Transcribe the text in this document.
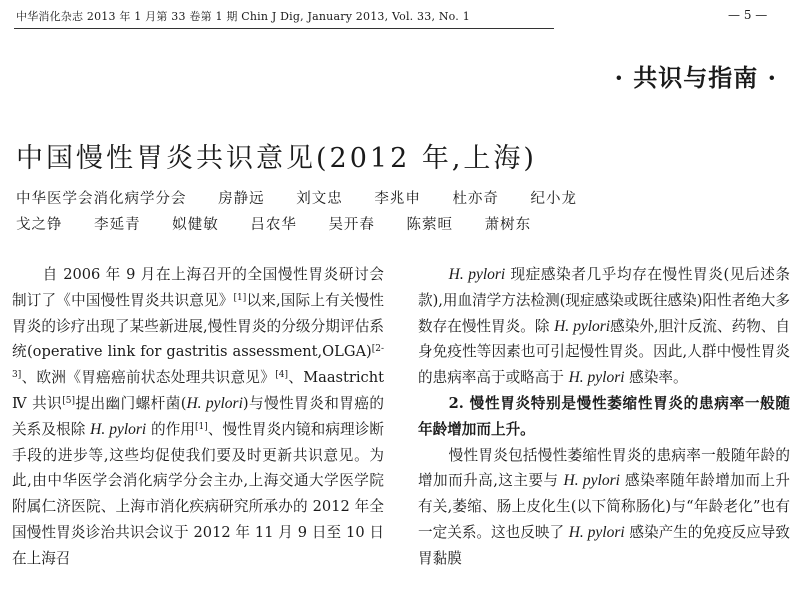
中华消化杂志 2013 年 1 月第 33 卷第 1 期 Chin J Dig, January 2013, Vol. 33, No. 1	— 5 —
· 共识与指南 ·
中国慢性胃炎共识意见(2012 年,上海)
中华医学会消化病学分会 房静远 刘文忠 李兆申 杜亦奇 纪小龙
戈之铮 李延青 姒健敏 吕农华 吴开春 陈萦晅 萧树东

自 2006 年 9 月在上海召开的全国慢性胃炎研讨会制订了《中国慢性胃炎共识意见》[1]以来,国际上有关慢性胃炎的诊疗出现了某些新进展,慢性胃炎的分级分期评估系统(operative link for gastritis assessment,OLGA)[2-3]、欧洲《胃癌癌前状态处理共识意见》[4]、Maastricht Ⅳ 共识[5]提出幽门螺杆菌(H. pylori)与慢性胃炎和胃癌的关系及根除 H. pylori 的作用[1]、慢性胃炎内镜和病理诊断手段的进步等,这些均促使我们要及时更新共识意见。为此,由中华医学会消化病学分会主办,上海交通大学医学院附属仁济医院、上海市消化疾病研究所承办的 2012 年全国慢性胃炎诊治共识会议于 2012 年 11 月 9 日至 10 日在上海召

H. pylori 现症感染者几乎均存在慢性胃炎(见后述条款),用血清学方法检测(现症感染或既往感染)阳性者绝大多数存在慢性胃炎。除 H. pylori感染外,胆汁反流、药物、自身免疫性等因素也可引起慢性胃炎。因此,人群中慢性胃炎的患病率高于或略高于 H. pylori 感染率。

2. 慢性胃炎特别是慢性萎缩性胃炎的患病率一般随年龄增加而上升。

慢性胃炎包括慢性萎缩性胃炎的患病率一般随年龄的增加而升高,这主要与 H. pylori 感染率随年龄增加而上升有关,萎缩、肠上皮化生(以下简称肠化)与“年龄老化”也有一定关系。这也反映了 H. pylori 感染产生的免疫反应导致胃黏膜
